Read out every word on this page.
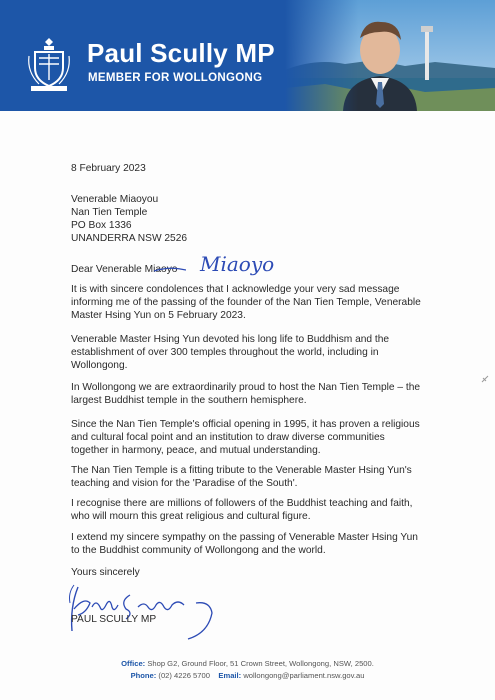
Paul Scully MP
MEMBER FOR WOLLONGONG
8 February 2023
Venerable Miaoyou
Nan Tien Temple
PO Box 1336
UNANDERRA NSW 2526
Dear Venerable Miaoyo Miaoyo
It is with sincere condolences that I acknowledge your very sad message
informing me of the passing of the founder of the Nan Tien Temple, Venerable
Master Hsing Yun on 5 February 2023.
Venerable Master Hsing Yun devoted his long life to Buddhism and the
establishment of over 300 temples throughout the world, including in
Wollongong.
In Wollongong we are extraordinarily proud to host the Nan Tien Temple – the
largest Buddhist temple in the southern hemisphere.
Since the Nan Tien Temple's official opening in 1995, it has proven a religious
and cultural focal point and an institution to draw diverse communities
together in harmony, peace, and mutual understanding.
The Nan Tien Temple is a fitting tribute to the Venerable Master Hsing Yun's
teaching and vision for the 'Paradise of the South'.
I recognise there are millions of followers of the Buddhist teaching and faith,
who will mourn this great religious and cultural figure.
I extend my sincere sympathy on the passing of Venerable Master Hsing Yun
to the Buddhist community of Wollongong and the world.
Yours sincerely
PAUL SCULLY MP
Office: Shop G2, Ground Floor, 51 Crown Street, Wollongong, NSW, 2500.
Phone: (02) 4226 5700 Email: wollongong@parliament.nsw.gov.au
